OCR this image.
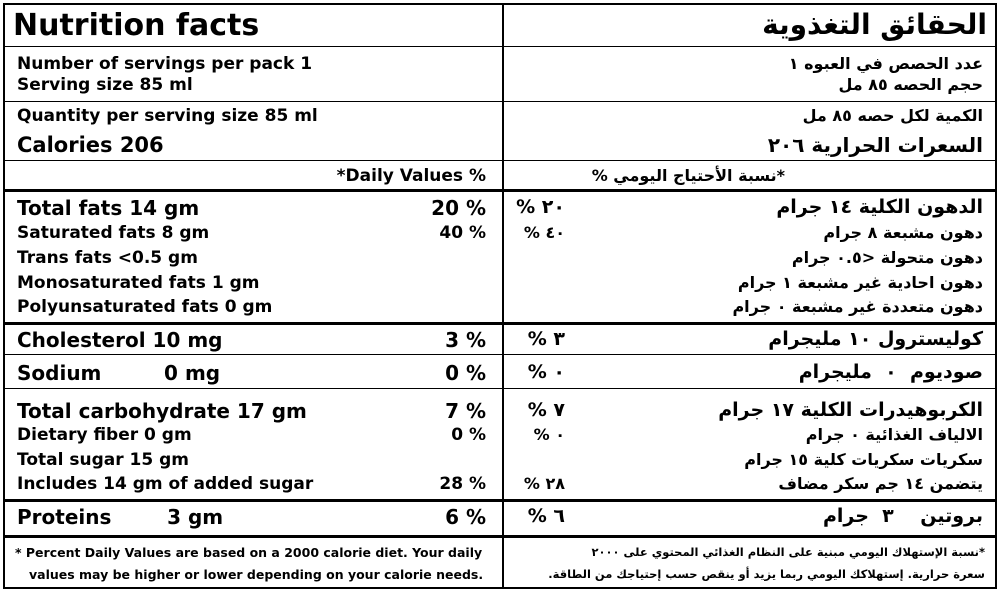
Nutrition facts
Number of servings per pack 1
Serving size 85 ml
Quantity per serving size 85 ml
Calories 206
*Daily Values %
Total fats 14 gm	20 %
Saturated fats 8 gm	40 %
Trans fats <0.5 gm
Monosaturated fats 1 gm
Polyunsaturated fats 0 gm
Cholesterol 10 mg	3 %
Sodium         0 mg	0 %
Total carbohydrate 17 gm	7 %
Dietary fiber 0 gm	0 %
Total sugar 15 gm
Includes 14 gm of added sugar	28 %
Proteins        3 gm	6 %
* Percent Daily Values are based on a 2000 calorie diet. Your daily
values may be higher or lower depending on your calorie needs.
الحقائق التغذوية
عدد الحصص في العبوه ١
حجم الحصه ٨٥ مل
الكمية لكل حصه ٨٥ مل
السعرات الحرارية ٢٠٦
*نسبة الأحتياج اليومي %
٢٠ %	الدهون الكلية ١٤ جرام
٤٠ %	دهون مشبعة ٨ جرام
دهون متحولة <٠.٥ جرام
دهون احادية غير مشبعة ١ جرام
دهون متعددة غير مشبعة ٠ جرام
٣ %	كوليسترول ١٠ مليجرام
٠ %	صوديوم  ٠  مليجرام
٧ %	الكربوهيدرات الكلية ١٧ جرام
٠ %	الالياف الغذائية ٠ جرام
سكريات سكريات كلية ١٥ جرام
٢٨ %	يتضمن ١٤ جم سكر مضاف
٦ %	بروتين    ٣  جرام
*نسبة الإستهلاك اليومي مبنية على النظام الغذائي المحتوي على ٢٠٠٠
سعرة حرارية. إستهلاكك اليومي ربما يزيد أو ينقص حسب إحتياجك من الطاقة.
